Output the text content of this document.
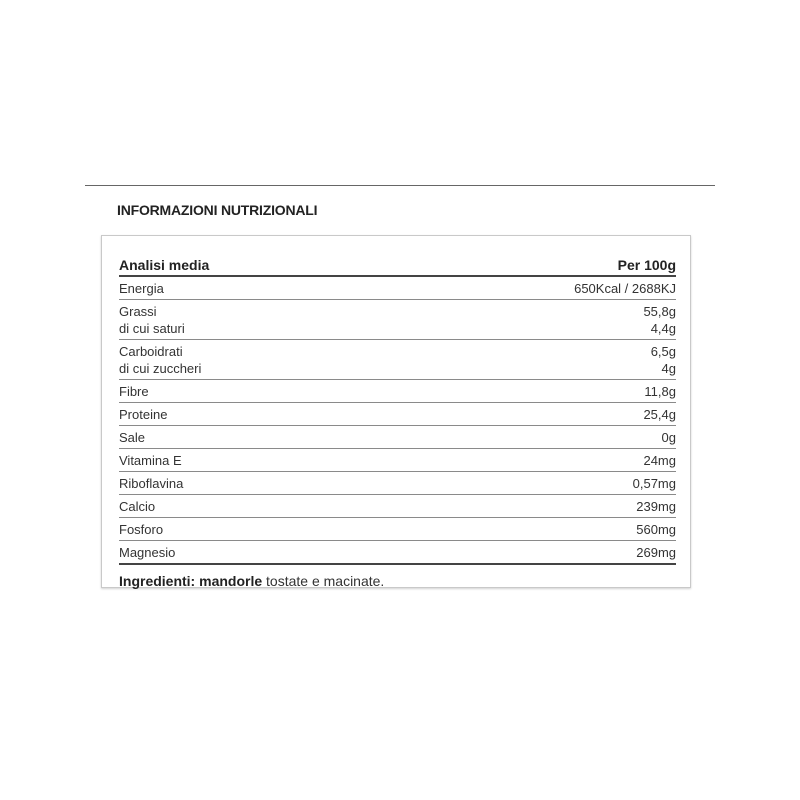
INFORMAZIONI NUTRIZIONALI
Analisi media	Per 100g
Energia	650Kcal / 2688KJ
Grassi	55,8g
di cui saturi	4,4g
Carboidrati	6,5g
di cui zuccheri	4g
Fibre	11,8g
Proteine	25,4g
Sale	0g
Vitamina E	24mg
Riboflavina	0,57mg
Calcio	239mg
Fosforo	560mg
Magnesio	269mg
Ingredienti: mandorle tostate e macinate.
